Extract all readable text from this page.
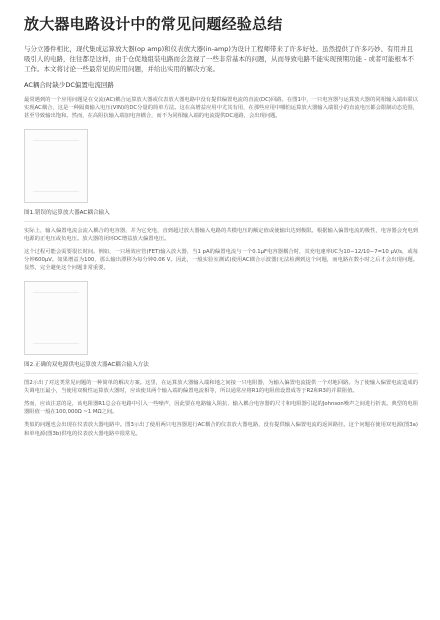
放大器电路设计中的常见问题经验总结

与分立器件相比，现代集成运算放大器(op amp)和仪表放大器(in-amp)为设计工程师带来了许多好处。虽然提供了许多巧妙、有用并且吸引人的电路，往往都是这样，由于仓促地组装电路而会忽视了一些非常基本的问题，从而导致电路不能实现预期功能 - 或者可能根本不工作。本文将讨论一些最常见的应用问题，并给出实用的解决方案。

AC耦合时缺少DC偏置电流回路

最常遇到的一个应用问题是在交流(AC)耦合运算放大器或仪表放大器电路中没有提供偏置电流的直流(DC)回路。在图1中，一只电容器与运算放大器的同相输入端串联以实现AC耦合，这是一种隔离输入电压(VIN)的DC分量的简单方法。这在高增益应用中尤其有用，在那些应用中哪怕运算放大器输入端很小的直流电压都会限制动态范围，甚至导致输出饱和。然而，在高阻抗输入端加电容耦合，而不为同相输入端的电流提供DC通路，会出现问题。

图1.错误的运算放大器AC耦合输入

实际上，输入偏置电流会流入耦合的电容器，并为它充电，直到超过放大器输入电路的共模电压的额定值或使输出达到极限。根据输入偏置电流的极性，电容器会充电到电源的正电压或负电压。放大器的闭环DC增益放大偏置电压。

这个过程可能会需要很长时间。例如，一只场效应管(FET)输入放大器，当1 pA的偏置电流与一个0.1μF电容器耦合时，其充电速率I/C为10−12/10−7=10 μV/s，或每分钟600μV。如果增益为100，那么输出漂移为每分钟0.06 V。因此，一般实验室测试(使用AC耦合示波器)无法检测到这个问题，而电路在数小时之后才会出现问题。显然，完全避免这个问题非常重要。

图2.正确的双电源供电运算放大器AC耦合输入方法

图2示出了对这类常见问题的一种简单的解决方案。这里，在运算放大器输入端和地之间接一只电阻器，为输入偏置电流提供一个对地回路。为了使输入偏置电流造成的失调电压最小，当使用双极性运算放大器时，应该使其两个输入端的偏置电流相等，所以通常应将R1的电阻值设置成等于R2和R3的并联阻值。

然而，应该注意的是，该电阻器R1总会在电路中引入一些噪声，因此要在电路输入阻抗、输入耦合电容器的尺寸和电阻器引起的Johnson噪声之间进行折衷。典型的电阻器阻值一般在100,000Ω ~1 MΩ之间。

类似的问题也会出现在仪表放大器电路中。图3示出了使用两只电容器进行AC耦合的仪表放大器电路，没有提供输入偏置电流的返回路径。这个问题在使用双电源(图3a)和单电源(图3b)供电的仪表放大器电路中很常见。
